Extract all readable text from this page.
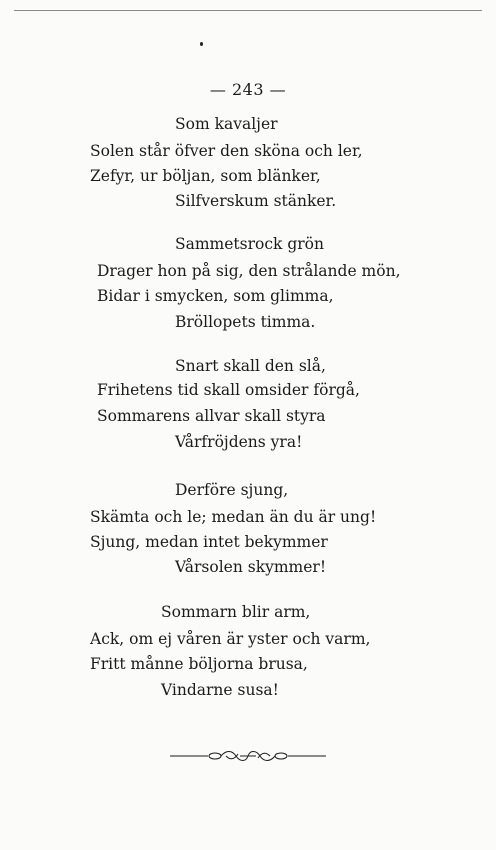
— 243 —
Som kavaljer
Solen står öfver den sköna och ler,
Zefyr, ur böljan, som blänker,
Silfverskum stänker.
Sammetsrock grön
Drager hon på sig, den strålande mön,
Bidar i smycken, som glimma,
Bröllopets timma.
Snart skall den slå,
Frihetens tid skall omsider förgå,
Sommarens allvar skall styra
Vårfröjdens yra!
Derföre sjung,
Skämta och le; medan än du är ung!
Sjung, medan intet bekymmer
Vårsolen skymmer!
Sommarn blir arm,
Ack, om ej våren är yster och varm,
Fritt månne böljorna brusa,
Vindarne susa!
